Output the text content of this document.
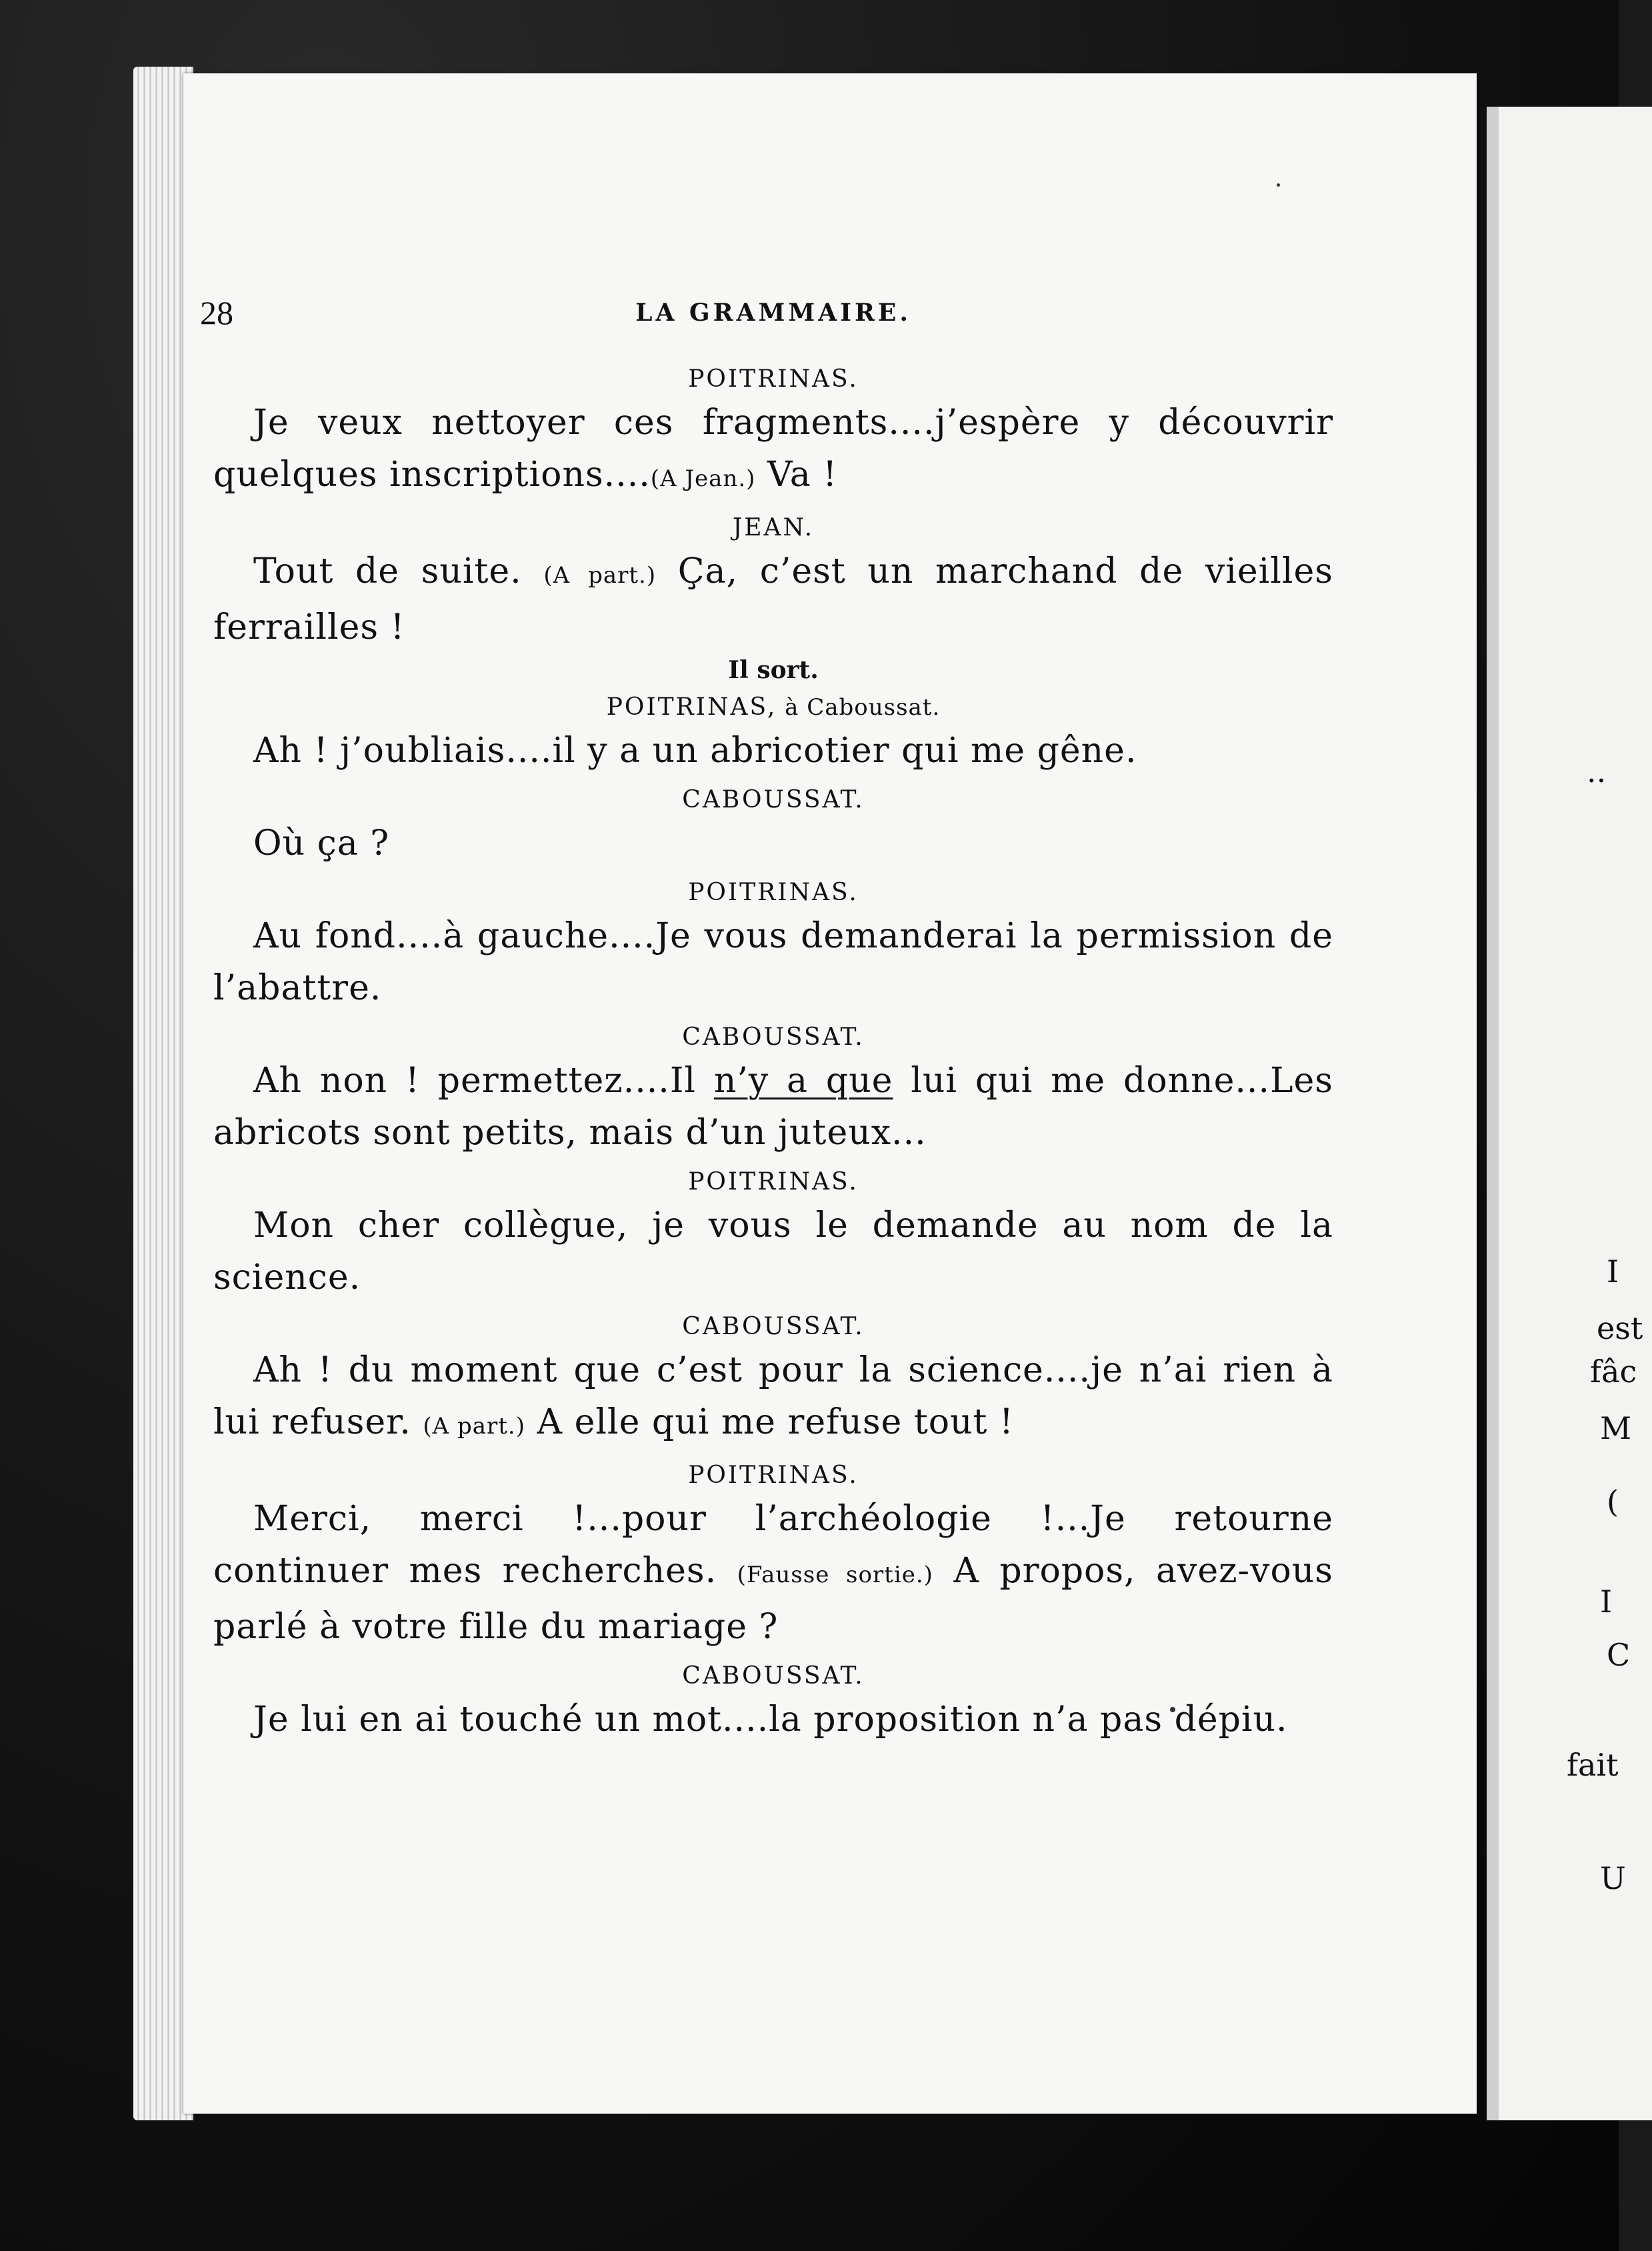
28	LA GRAMMAIRE.
POITRINAS.
Je veux nettoyer ces fragments....j’espère y découvrir quelques inscriptions....(A Jean.) Va !
JEAN.
Tout de suite. (A part.) Ça, c’est un marchand de vieilles ferrailles !
Il sort.
POITRINAS, à Caboussat.
Ah ! j’oubliais....il y a un abricotier qui me gêne.
CABOUSSAT.
Où ça ?
POITRINAS.
Au fond....à gauche....Je vous demanderai la permission de l’abattre.
CABOUSSAT.
Ah non ! permettez....Il n’y a que lui qui me donne...Les abricots sont petits, mais d’un juteux...
POITRINAS.
Mon cher collègue, je vous le demande au nom de la science.
CABOUSSAT.
Ah ! du moment que c’est pour la science....je n’ai rien à lui refuser. (A part.) A elle qui me refuse tout !
POITRINAS.
Merci, merci !...pour l’archéologie !...Je retourne continuer mes recherches. (Fausse sortie.) A propos, avez-vous parlé à votre fille du mariage ?
CABOUSSAT.
Je lui en ai touché un mot....la proposition n’a pas dépiu.
..
I
est
fâc
M
(
I
C
fait
U
